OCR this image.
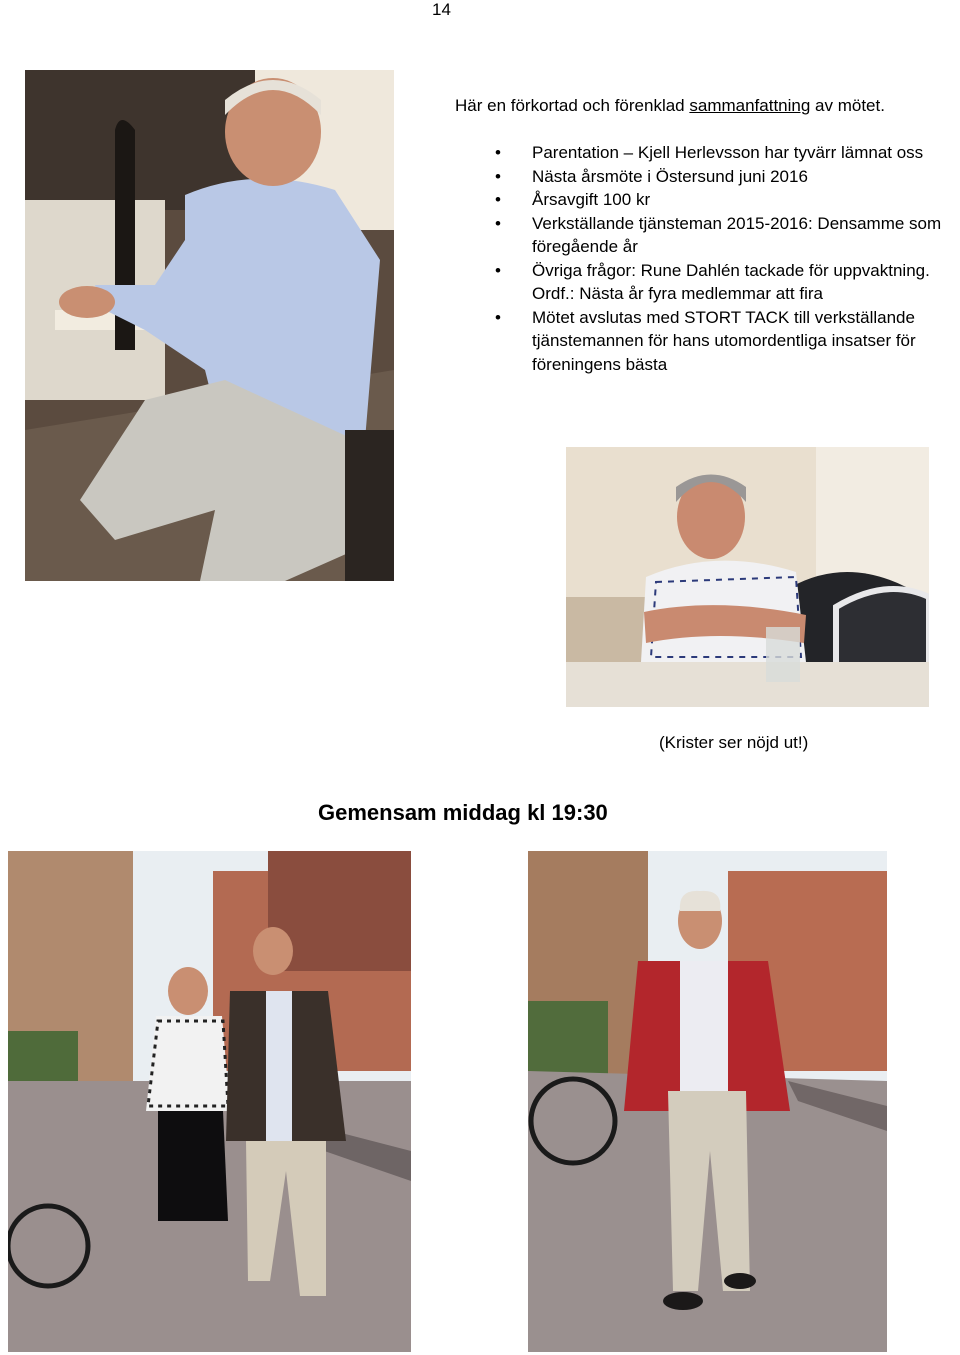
14
Här en förkortad och förenklad sammanfattning av mötet.
• Parentation – Kjell Herlevsson har tyvärr lämnat oss
• Nästa årsmöte i Östersund juni 2016
• Årsavgift 100 kr
• Verkställande tjänsteman 2015-2016: Densamme som föregående år
• Övriga frågor: Rune Dahlén tackade för uppvaktning. Ordf.: Nästa år fyra medlemmar att fira
• Mötet avslutas med STORT TACK till verkställande tjänstemannen för hans utomordentliga insatser för föreningens bästa
(Krister ser nöjd ut!)
Gemensam middag kl 19:30
